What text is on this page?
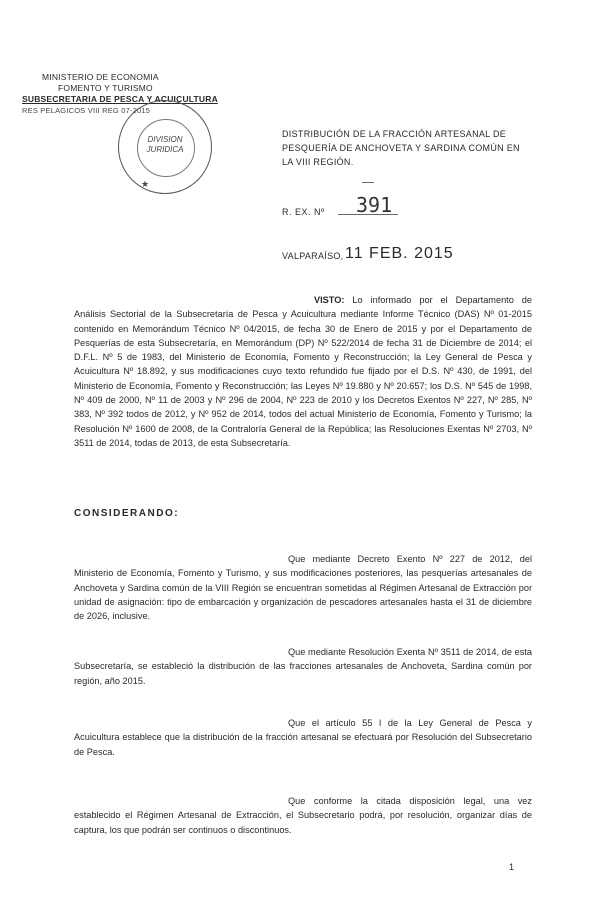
MINISTERIO DE ECONOMIA
FOMENTO Y TURISMO
SUBSECRETARIA DE PESCA Y ACUICULTURA
RES PELAGICOS VIII REG 07-2015
DIVISION
JURIDICA
★
DISTRIBUCIÓN DE LA FRACCIÓN ARTESANAL DE PESQUERÍA DE ANCHOVETA Y SARDINA COMÚN EN LA VIII REGIÓN.
R. EX. Nº 391
VALPARAÍSO, 11 FEB. 2015
VISTO: Lo informado por el Departamento de Análisis Sectorial de la Subsecretaría de Pesca y Acuicultura mediante Informe Técnico (DAS) Nº 01-2015 contenido en Memorándum Técnico Nº 04/2015, de fecha 30 de Enero de 2015 y por el Departamento de Pesquerías de esta Subsecretaría, en Memorándum (DP) Nº 522/2014 de fecha 31 de Diciembre de 2014; el D.F.L. Nº 5 de 1983, del Ministerio de Economía, Fomento y Reconstrucción; la Ley General de Pesca y Acuicultura Nº 18.892, y sus modificaciones cuyo texto refundido fue fijado por el D.S. Nº 430, de 1991, del Ministerio de Economía, Fomento y Reconstrucción; las Leyes Nº 19.880 y Nº 20.657; los D.S. Nº 545 de 1998, Nº 409 de 2000, Nº 11 de 2003 y Nº 296 de 2004, Nº 223 de 2010 y los Decretos Exentos Nº 227, Nº 285, Nº 383, Nº 392 todos de 2012, y Nº 952 de 2014, todos del actual Ministerio de Economía, Fomento y Turismo; la Resolución Nº 1600 de 2008, de la Contraloría General de la República; las Resoluciones Exentas Nº 2703, Nº 3511 de 2014, todas de 2013, de esta Subsecretaría.
CONSIDERANDO:
Que mediante Decreto Exento Nº 227 de 2012, del Ministerio de Economía, Fomento y Turismo, y sus modificaciones posteriores, las pesquerías artesanales de Anchoveta y Sardina común de la VIII Región se encuentran sometidas al Régimen Artesanal de Extracción por unidad de asignación: tipo de embarcación y organización de pescadores artesanales hasta el 31 de diciembre de 2026, inclusive.
Que mediante Resolución Exenta Nº 3511 de 2014, de esta Subsecretaría, se estableció la distribución de las fracciones artesanales de Anchoveta, Sardina común por región, año 2015.
Que el artículo 55 I de la Ley General de Pesca y Acuicultura establece que la distribución de la fracción artesanal se efectuará por Resolución del Subsecretario de Pesca.
Que conforme la citada disposición legal, una vez establecido el Régimen Artesanal de Extracción, el Subsecretario podrá, por resolución, organizar días de captura, los que podrán ser continuos o discontinuos.
1
